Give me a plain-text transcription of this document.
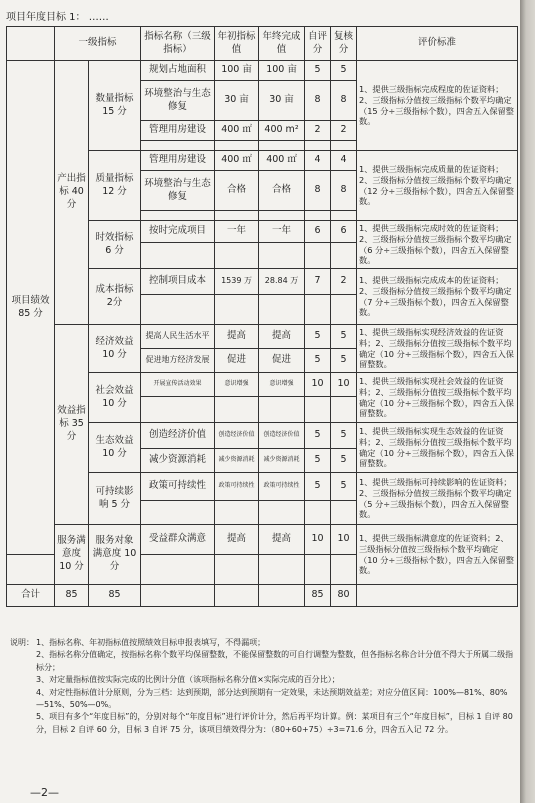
项目年度目标 1： ……
	一级指标		指标名称（三级指标）	年初指标值	年终完成值	自评分	复核分	评价标准
项目绩效 85 分	产出指标 40 分	数量指标 15 分	规划占地面积	100 亩	100 亩	5	5	1、提供三级指标完成程度的佐证资料；2、三级指标分值按三级指标个数平均确定（15 分÷三级指标个数），四舍五入保留整数。
			环境整治与生态修复	30 亩	30 亩	8	8	
			管理用房建设	400 ㎡	400 m²	2	2	

		质量指标 12 分	管理用房建设	400 ㎡	400 ㎡	4	4	1、提供三级指标完成质量的佐证资料；2、三级指标分值按三级指标个数平均确定（12 分÷三级指标个数），四舍五入保留整数。
			环境整治与生态修复	合格	合格	8	8	

		时效指标 6 分	按时完成项目	一年	一年	6	6	1、提供三级指标完成时效的佐证资料；2、三级指标分值按三级指标个数平均确定（6 分÷三级指标个数），四舍五入保留整数。

		成本指标 2分	控制项目成本	1539 万	28.84 万	7	2	1、提供三级指标完成成本的佐证资料；2、三级指标分值按三级指标个数平均确定（7 分÷三级指标个数），四舍五入保留整数。

	效益指标 35 分	经济效益 10 分	提高人民生活水平	提高	提高	5	5	1、提供三级指标实现经济效益的佐证资料；2、三级指标分值按三级指标个数平均确定（10 分÷三级指标个数），四舍五入保留整数。
			促进地方经济发展	促进	促进	5	5	
		社会效益 10 分	开展宣传活动效果	意识增强	意识增强	10	10	1、提供三级指标实现社会效益的佐证资料；2、三级指标分值按三级指标个数平均确定（10 分÷三级指标个数），四舍五入保留整数。

		生态效益 10 分	创造经济价值	创造经济价值	创造经济价值	5	5	1、提供三级指标实现生态效益的佐证资料；2、三级指标分值按三级指标个数平均确定（10 分÷三级指标个数），四舍五入保留整数。
			减少资源消耗	减少资源消耗	减少资源消耗	5	5	
		可持续影响 5 分	政策可持续性	政策可持续性	政策可持续性	5	5	1、提供三级指标可持续影响的佐证资料；2、三级指标分值按三级指标个数平均确定（5 分÷三级指标个数），四舍五入保留整数。

	服务满意度 10 分	服务对象满意度 10 分	受益群众满意	提高	提高	10	10	1、提供三级指标满意度的佐证资料；2、三级指标分值按三级指标个数平均确定（10 分÷三级指标个数），四舍五入保留整数。

合计	85	85				85	80	
说明： 1、指标名称、年初指标值按照绩效目标申报表填写，不得漏项；
2、指标名称分值确定，按指标名称个数平均保留整数，不能保留整数的可自行调整为整数，但各指标名称合计分值不得大于所属二级指标分；
3、对定量指标值按实际完成的比例计分值（该项指标名称分值×实际完成的百分比）；
4、对定性指标值计分原则，分为三档：达到预期，部分达到预期有一定效果，未达预期效益差；对应分值区间：100%—81%、80%—51%、50%—0%。
5、项目有多个“年度目标”的，分别对每个“年度目标”进行评价计分，然后再平均计算。例：某项目有三个“年度目标”，目标 1 自评 80 分，目标 2 自评 60 分，目标 3 自评 75 分，该项目绩效得分为：（80+60+75）÷3=71.6 分，四舍五入记 72 分。
—2—
